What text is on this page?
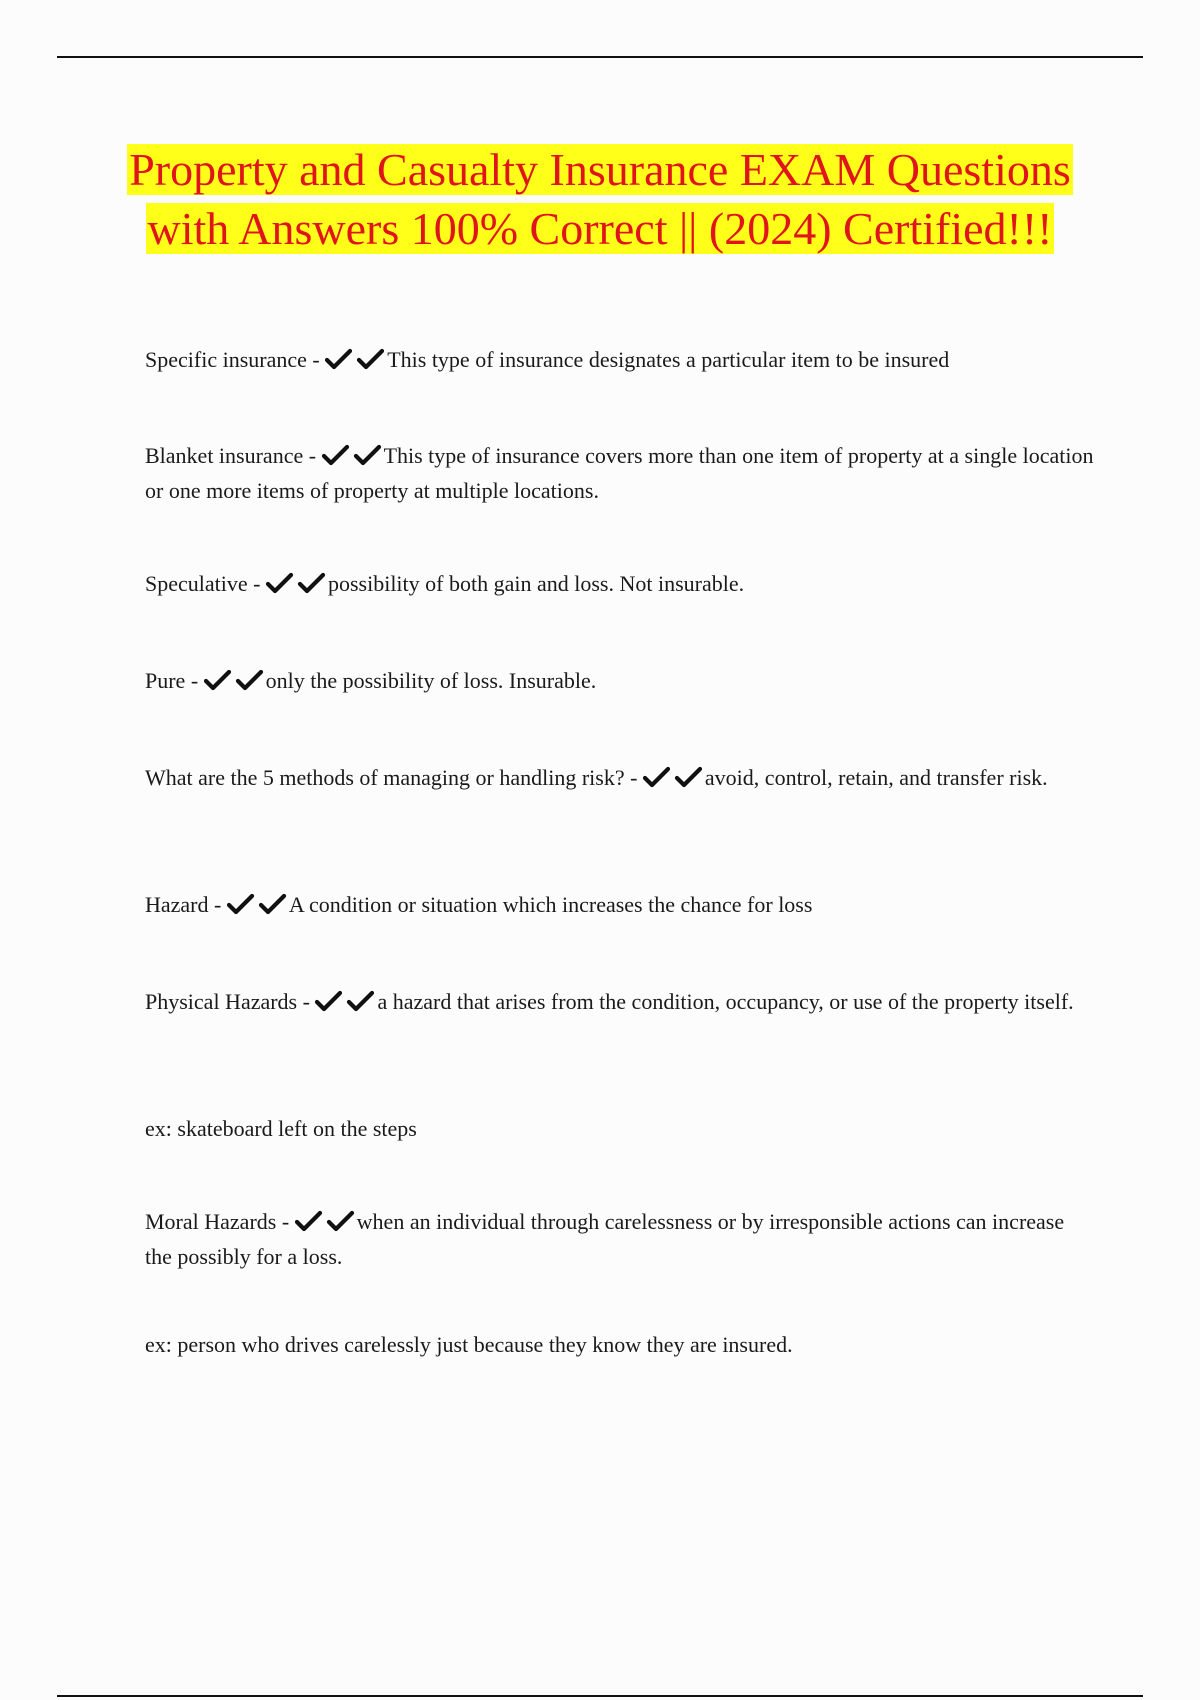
Property and Casualty Insurance EXAM Questions with Answers 100% Correct || (2024) Certified!!!
Specific insurance -	This type of insurance designates a particular item to be insured
Blanket insurance -	This type of insurance covers more than one item of property at a single location or one more items of property at multiple locations.
Speculative -	possibility of both gain and loss. Not insurable.
Pure -	only the possibility of loss. Insurable.
What are the 5 methods of managing or handling risk? -	avoid, control, retain, and transfer risk.
Hazard -	A condition or situation which increases the chance for loss
Physical Hazards -	a hazard that arises from the condition, occupancy, or use of the property itself.
ex: skateboard left on the steps
Moral Hazards -	when an individual through carelessness or by irresponsible actions can increase the possibly for a loss.
ex: person who drives carelessly just because they know they are insured.
